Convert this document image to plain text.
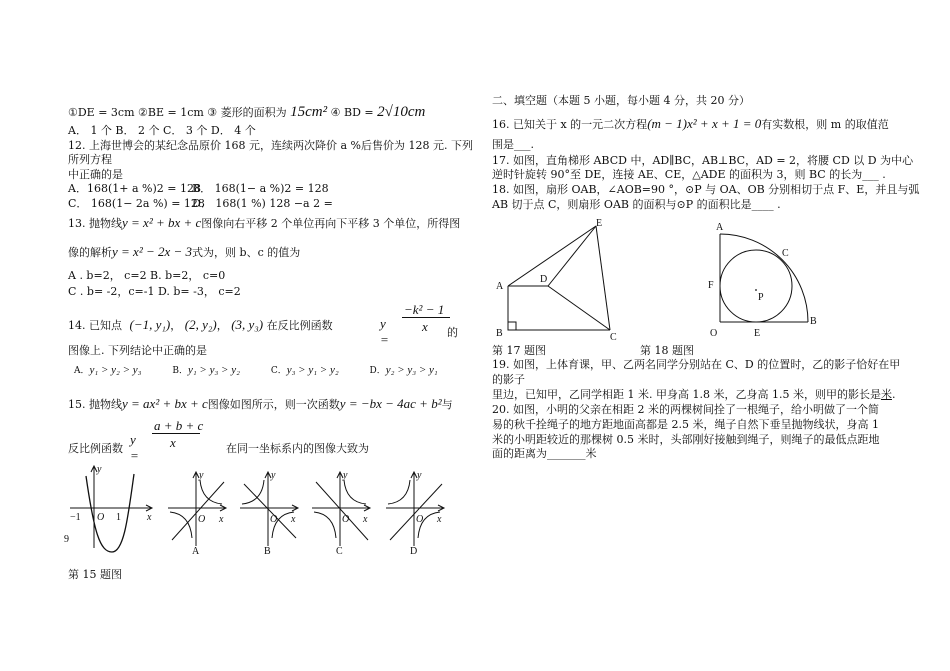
①DE = 3cm ②BE = 1cm ③ 菱形的面积为 15cm² ④ BD = 2√10cm
A． 1 个 B． 2 个 C． 3 个 D． 4 个
12. 上海世博会的某纪念品原价 168 元，连续两次降价 a %后售价为 128 元. 下列
所列方程
中正确的是
A．168(1+ a %)2 = 128
B． 168(1− a %)2 = 128
C． 168(1− 2a %) = 128
D． 168(1 %) 128 −a 2 =
13. 抛物线y = x² + bx + c图像向右平移 2 个单位再向下平移 3 个单位，所得图
像的解析y = x² − 2x − 3式为，则 b、c 的值为
A . b=2， c=2 B. b=2， c=0
C . b= -2，c=-1 D. b= -3， c=2
14. 已知点 (−1, y₁)， (2, y₂)， (3, y₃) 在反比例函数	y =
−k² − 1
x 的
图像上. 下列结论中正确的是
A．y₁ > y₂ > y₃	B．y₁ > y₃ > y₂	C．y₃ > y₁ > y₂	D．y₂ > y₃ > y₁
15. 抛物线y = ax² + bx + c图像如图所示，则一次函数y = −bx − 4ac + b²与
反比例函数
y =
a + b + c
x	在同一坐标系内的图像大致为
y
x
O
−1	1
9
y
x
O
y
x
O
y
x
O
y
x
O
A	B	C	D
第 15 题图
二、填空题（本题 5 小题，每小题 4 分，共 20 分）
16. 已知关于 x 的一元二次方程(m − 1)x² + x + 1 = 0有实数根，则 m 的取值范
围是___.
17. 如图，直角梯形 ABCD 中，AD∥BC，AB⊥BC，AD = 2，将腰 CD 以 D 为中心
逆时针旋转 90°至 DE，连接 AE、CE，△ADE 的面积为 3，则 BC 的长为___ .
18. 如图，扇形 OAB，∠AOB=90 °，⊙P 与 OA、OB 分别相切于点 F、E，并且与弧
AB 切于点 C，则扇形 OAB 的面积与⊙P 的面积比是____ .
E
D
A
B	C
A
C
F
P
O	E
B
第 17 题图	第 18 题图
19. 如图，上体育课，甲、乙两名同学分别站在 C、D 的位置时，乙的影子恰好在甲
的影子
里边，已知甲，乙同学相距 1 米. 甲身高 1.8 米，乙身高 1.5 米，则甲的影长是米.
20. 如图，小明的父亲在相距 2 米的两棵树间拴了一根绳子，给小明做了一个简
易的秋千拴绳子的地方距地面高都是 2.5 米，绳子自然下垂呈抛物线状，身高 1
米的小明距较近的那棵树 0.5 米时，头部刚好接触到绳子，则绳子的最低点距地
面的距离为_______米
